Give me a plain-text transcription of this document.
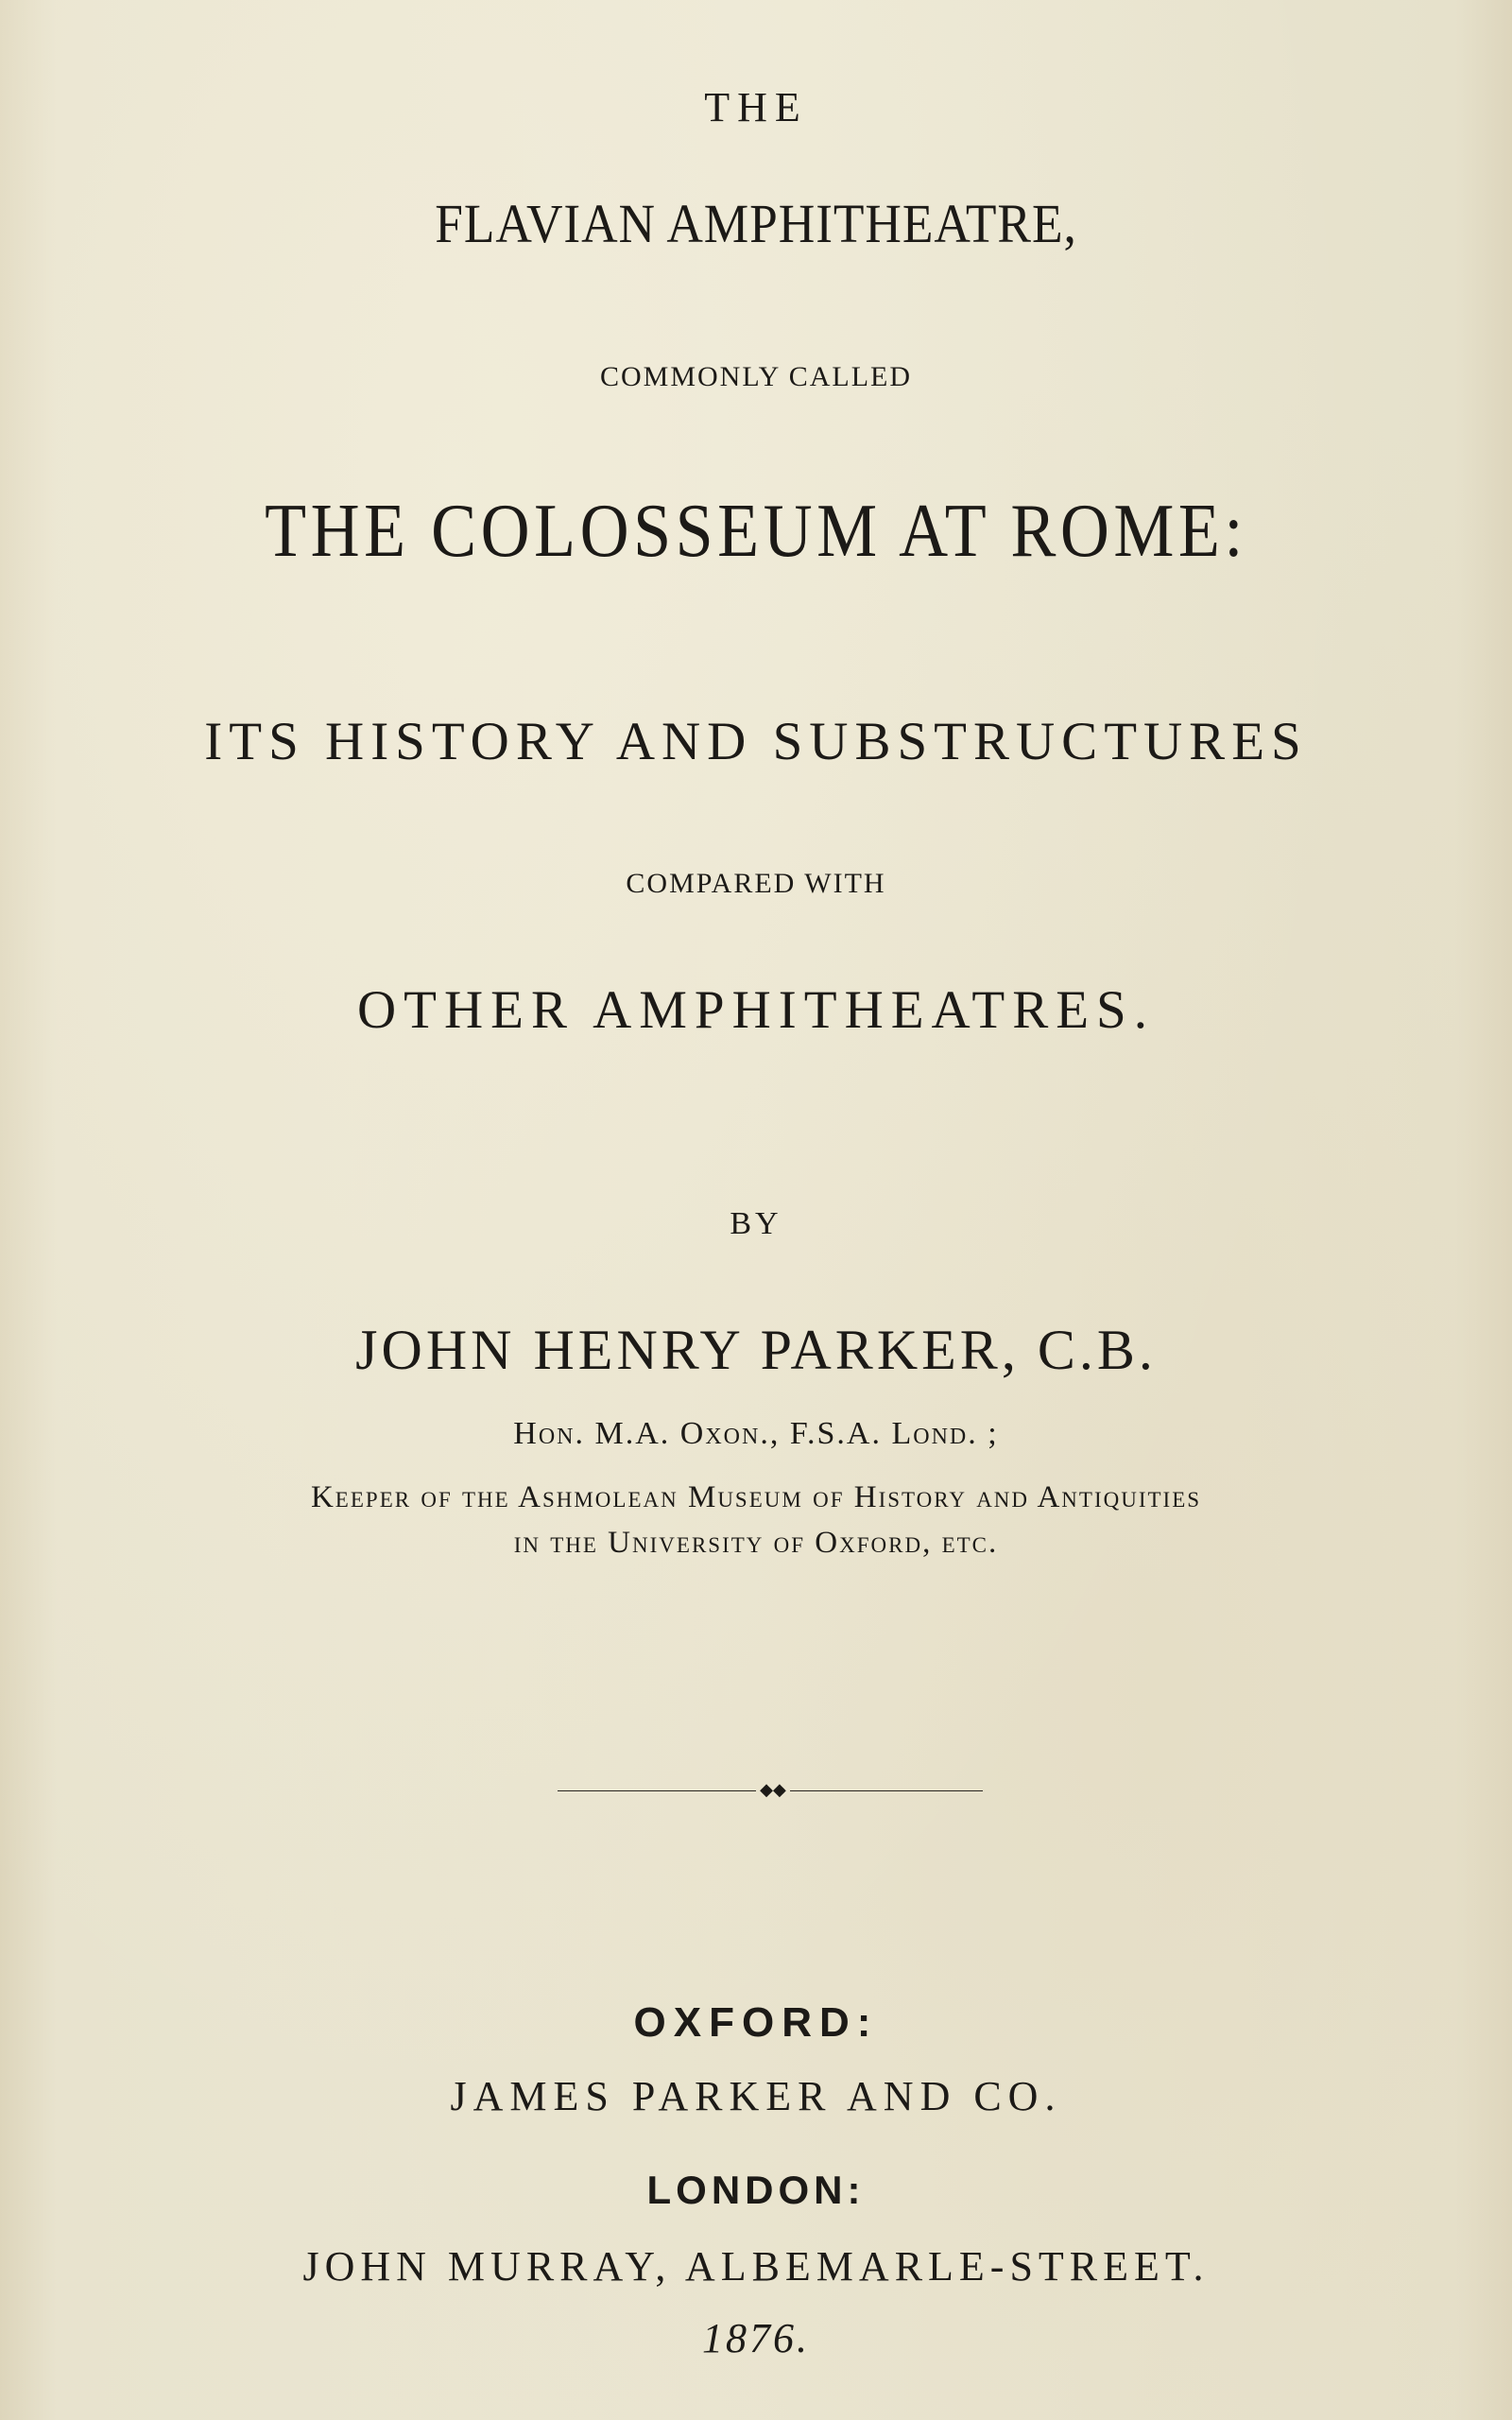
THE
FLAVIAN AMPHITHEATRE,
COMMONLY CALLED
THE COLOSSEUM AT ROME:
ITS HISTORY AND SUBSTRUCTURES
COMPARED WITH
OTHER AMPHITHEATRES.
BY
JOHN HENRY PARKER, C.B.
Hon. M.A. Oxon., F.S.A. Lond. ;
Keeper of the Ashmolean Museum of History and Antiquities
in the University of Oxford, etc.
◆◆
OXFORD:
JAMES PARKER AND CO.
LONDON:
JOHN MURRAY, ALBEMARLE-STREET.
1876.
